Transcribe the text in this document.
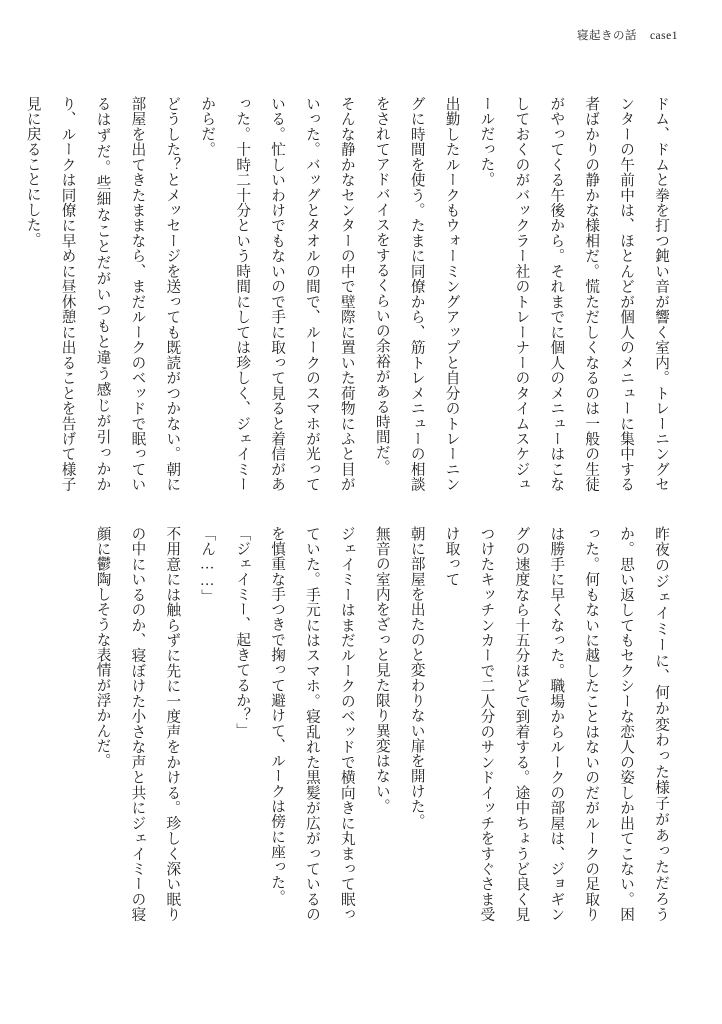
寝起きの話 case1

ドム、ドムと拳を打つ鈍い音が響く室内。トレーニングセンターの午前中は、ほとんどが個人のメニューに集中する者ばかりの静かな様相だ。慌ただしくなるのは一般の生徒がやってくる午後から。それまでに個人のメニューはこなしておくのがバックラー社のトレーナーのタイムスケジュールだった。

出勤したルークもウォーミングアップと自分のトレーニングに時間を使う。たまに同僚から、筋トレメニューの相談をされてアドバイスをするくらいの余裕がある時間だ。

そんな静かなセンターの中で壁際に置いた荷物にふと目がいった。バッグとタオルの間で、ルークのスマホが光っている。忙しいわけでもないので手に取って見ると着信があった。十時二十分という時間にしては珍しく、ジェイミーからだ。

どうした？とメッセージを送っても既読がつかない。朝に部屋を出てきたままなら、まだルークのベッドで眠っているはずだ。些細なことだがいつもと違う感じが引っかかり、ルークは同僚に早めに昼休憩に出ることを告げて様子見に戻ることにした。

昨夜のジェイミーに、何か変わった様子があっただろうか。思い返してもセクシーな恋人の姿しか出てこない。困った。何もないに越したことはないのだがルークの足取りは勝手に早くなった。職場からルークの部屋は、ジョギングの速度なら十五分ほどで到着する。途中ちょうど良く見つけたキッチンカーで二人分のサンドイッチをすぐさま受け取って

朝に部屋を出たのと変わりない扉を開けた。

無音の室内をざっと見た限り異変はない。

ジェイミーはまだルークのベッドで横向きに丸まって眠っていた。手元にはスマホ。寝乱れた黒髪が広がっているのを慎重な手つきで掬って避けて、ルークは傍に座った。

「ジェイミー、起きてるか？」

「ん……」

不用意には触らずに先に一度声をかける。珍しく深い眠りの中にいるのか、寝ぼけた小さな声と共にジェイミーの寝顔に鬱陶しそうな表情が浮かんだ。
